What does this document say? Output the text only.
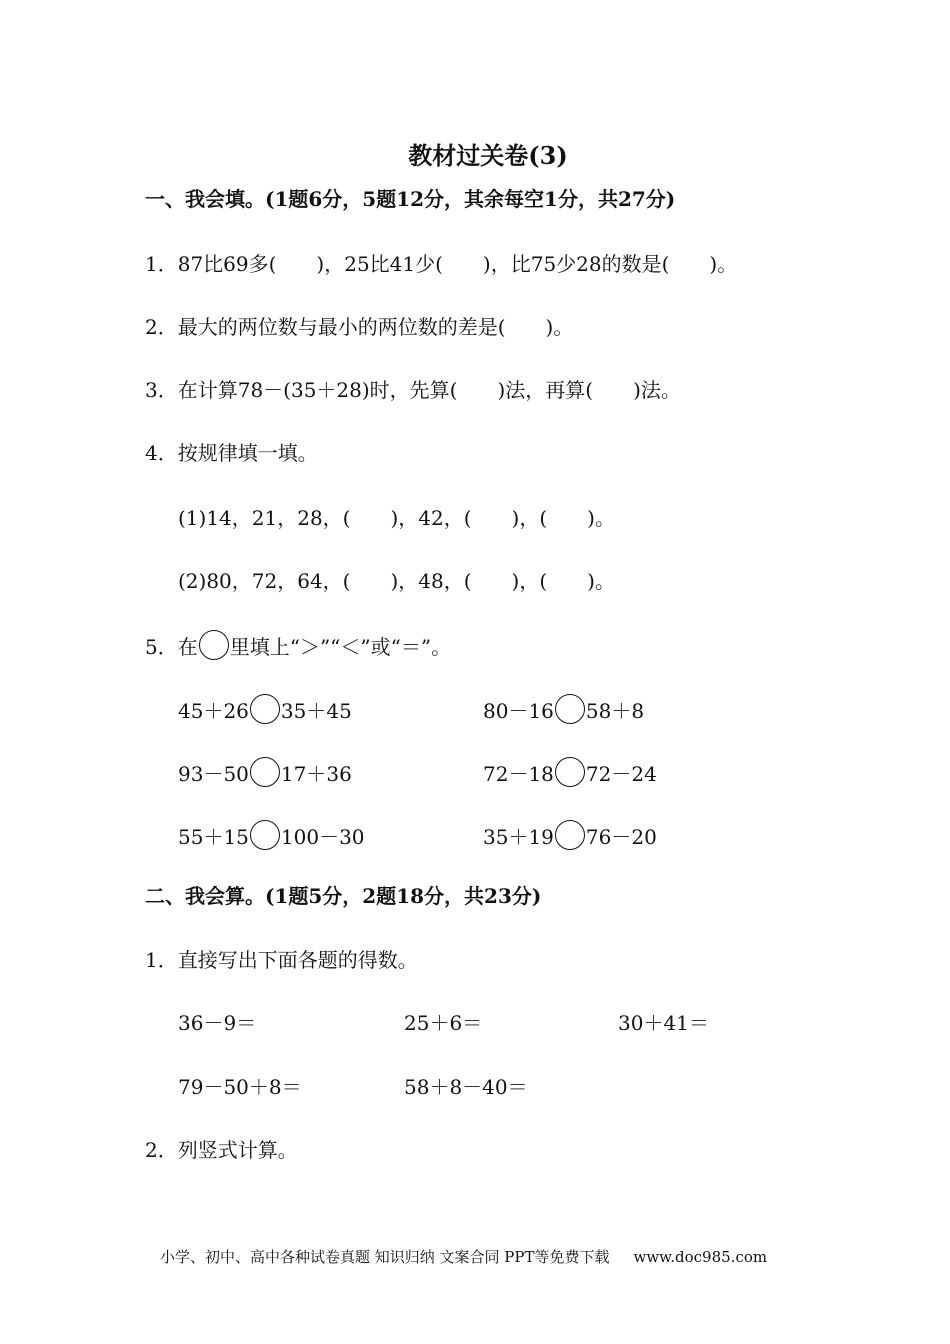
教材过关卷(3)
一、我会填。(1题6分，5题12分，其余每空1分，共27分)
1．87比69多(　　)，25比41少(　　)，比75少28的数是(　　)。
2．最大的两位数与最小的两位数的差是(　　)。
3．在计算78－(35＋28)时，先算(　　)法，再算(　　)法。
4．按规律填一填。
(1)14，21，28，(　　)，42，(　　)，(　　)。
(2)80，72，64，(　　)，48，(　　)，(　　)。
5．在 里填上“＞”“＜”或“＝”。
45＋26 35＋45	80－16 58＋8
93－50 17＋36	72－18 72－24
55＋15 100－30	35＋19 76－20
二、我会算。(1题5分，2题18分，共23分)
1．直接写出下面各题的得数。
36－9＝	25＋6＝	30＋41＝
79－50＋8＝	58＋8－40＝
2．列竖式计算。
小学、初中、高中各种试卷真题 知识归纳 文案合同 PPT等免费下载 www.doc985.com
